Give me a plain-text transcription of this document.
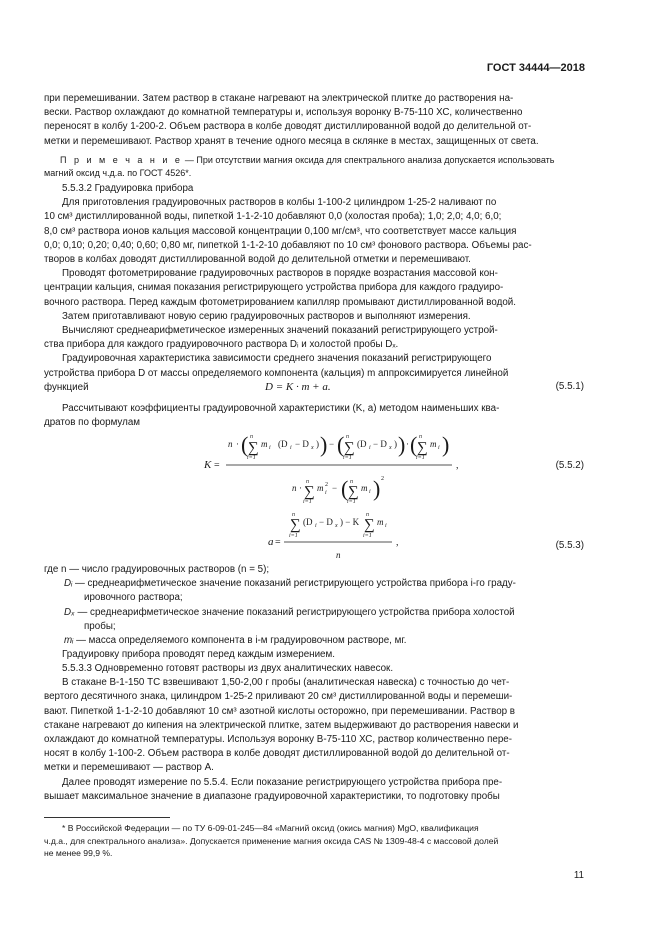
ГОСТ 34444—2018
при перемешивании. Затем раствор в стакане нагревают на электрической плитке до растворения на-
вески. Раствор охлаждают до комнатной температуры и, используя воронку В-75-110 ХС, количественно
переносят в колбу 1-200-2. Объем раствора в колбе доводят дистиллированной водой до делительной от-
метки и перемешивают. Раствор хранят в течение одного месяца в склянке в местах, защищенных от света.
П р и м е ч а н и е — При отсутствии магния оксида для спектрального анализа допускается использовать
магний оксид ч.д.а. по ГОСТ 4526*.
5.5.3.2 Градуировка прибора
Для приготовления градуировочных растворов в колбы 1-100-2 цилиндром 1-25-2 наливают по
10 см³ дистиллированной воды, пипеткой 1-1-2-10 добавляют 0,0 (холостая проба); 1,0; 2,0; 4,0; 6,0;
8,0 см³ раствора ионов кальция массовой концентрации 0,100 мг/см³, что соответствует массе кальция
0,0; 0,10; 0,20; 0,40; 0,60; 0,80 мг, пипеткой 1-1-2-10 добавляют по 10 см³ фонового раствора. Объемы рас-
творов в колбах доводят дистиллированной водой до делительной отметки и перемешивают.
Проводят фотометрирование градуировочных растворов в порядке возрастания массовой кон-
центрации кальция, снимая показания регистрирующего устройства прибора для каждого градуиро-
вочного раствора. Перед каждым фотометрированием капилляр промывают дистиллированной водой.
Затем приготавливают новую серию градуировочных растворов и выполняют измерения.
Вычисляют среднеарифметическое измеренных значений показаний регистрирующего устрой-
ства прибора для каждого градуировочного раствора Dᵢ и холостой пробы Dₓ.
Градуировочная характеристика зависимости среднего значения показаний регистрирующего
устройства прибора D от массы определяемого компонента (кальция) m аппроксимируется линейной
функцией	D = K · m + a.	(5.5.1)
Рассчитывают коэффициенты градуировочной характеристики (K, a) методом наименьших ква-
дратов по формулам
K =
n · ( n
∑
i=1
m i (D i − D x ) ) − ( n
∑
i=1
(D i − D x ) ) · ( n
∑
i=1
m i )
,
n ·
n
∑
i=1
m 2
i − ( n
∑
i=1
m i ) 2
(5.5.2)
n
∑
i=1
(D i − D x ) − K
n
∑
i=1
m i
a =
n
,	(5.5.3)
где n — число градуировочных растворов (n = 5);
Dᵢ — среднеарифметическое значение показаний регистрирующего устройства прибора i-го граду-
ировочного раствора;
Dₓ — среднеарифметическое значение показаний регистрирующего устройства прибора холостой
пробы;
mᵢ — масса определяемого компонента в i-м градуировочном растворе, мг.
Градуировку прибора проводят перед каждым измерением.
5.5.3.3 Одновременно готовят растворы из двух аналитических навесок.
В стакане В-1-150 ТС взвешивают 1,50-2,00 г пробы (аналитическая навеска) с точностью до чет-
вертого десятичного знака, цилиндром 1-25-2 приливают 20 см³ дистиллированной воды и перемеши-
вают. Пипеткой 1-1-2-10 добавляют 10 см³ азотной кислоты осторожно, при перемешивании. Раствор в
стакане нагревают до кипения на электрической плитке, затем выдерживают до растворения навески и
охлаждают до комнатной температуры. Используя воронку В-75-110 ХС, раствор количественно пере-
носят в колбу 1-100-2. Объем раствора в колбе доводят дистиллированной водой до делительной от-
метки и перемешивают — раствор А.
Далее проводят измерение по 5.5.4. Если показание регистрирующего устройства прибора пре-
вышает максимальное значение в диапазоне градуировочной характеристики, то подготовку пробы
* В Российской Федерации — по ТУ 6-09-01-245—84 «Магний оксид (окись магния) MgO, квалификация
ч.д.а., для спектрального анализа». Допускается применение магния оксида CAS № 1309-48-4 с массовой долей
не менее 99,9 %.
11
